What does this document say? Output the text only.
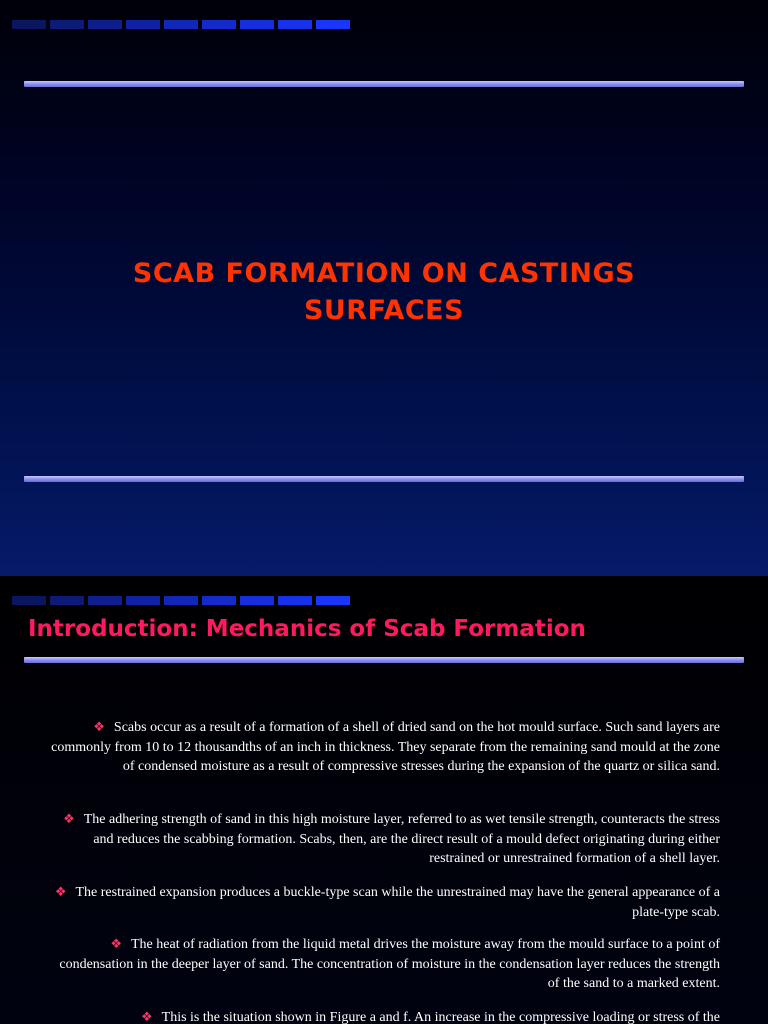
SCAB FORMATION ON CASTINGS SURFACES
Introduction: Mechanics of Scab Formation
❖ Scabs occur as a result of a formation of a shell of dried sand on the hot mould surface. Such sand layers are commonly from 10 to 12 thousandths of an inch in thickness. They separate from the remaining sand mould at the zone of condensed moisture as a result of compressive stresses during the expansion of the quartz or silica sand.
❖ The adhering strength of sand in this high moisture layer, referred to as wet tensile strength, counteracts the stress and reduces the scabbing formation. Scabs, then, are the direct result of a mould defect originating during either restrained or unrestrained formation of a shell layer.
❖ The restrained expansion produces a buckle-type scan while the unrestrained may have the general appearance of a plate-type scab.
❖ The heat of radiation from the liquid metal drives the moisture away from the mould surface to a point of condensation in the deeper layer of sand. The concentration of moisture in the condensation layer reduces the strength of the sand to a marked extent.
❖ This is the situation shown in Figure a and f. An increase in the compressive loading or stress of the
